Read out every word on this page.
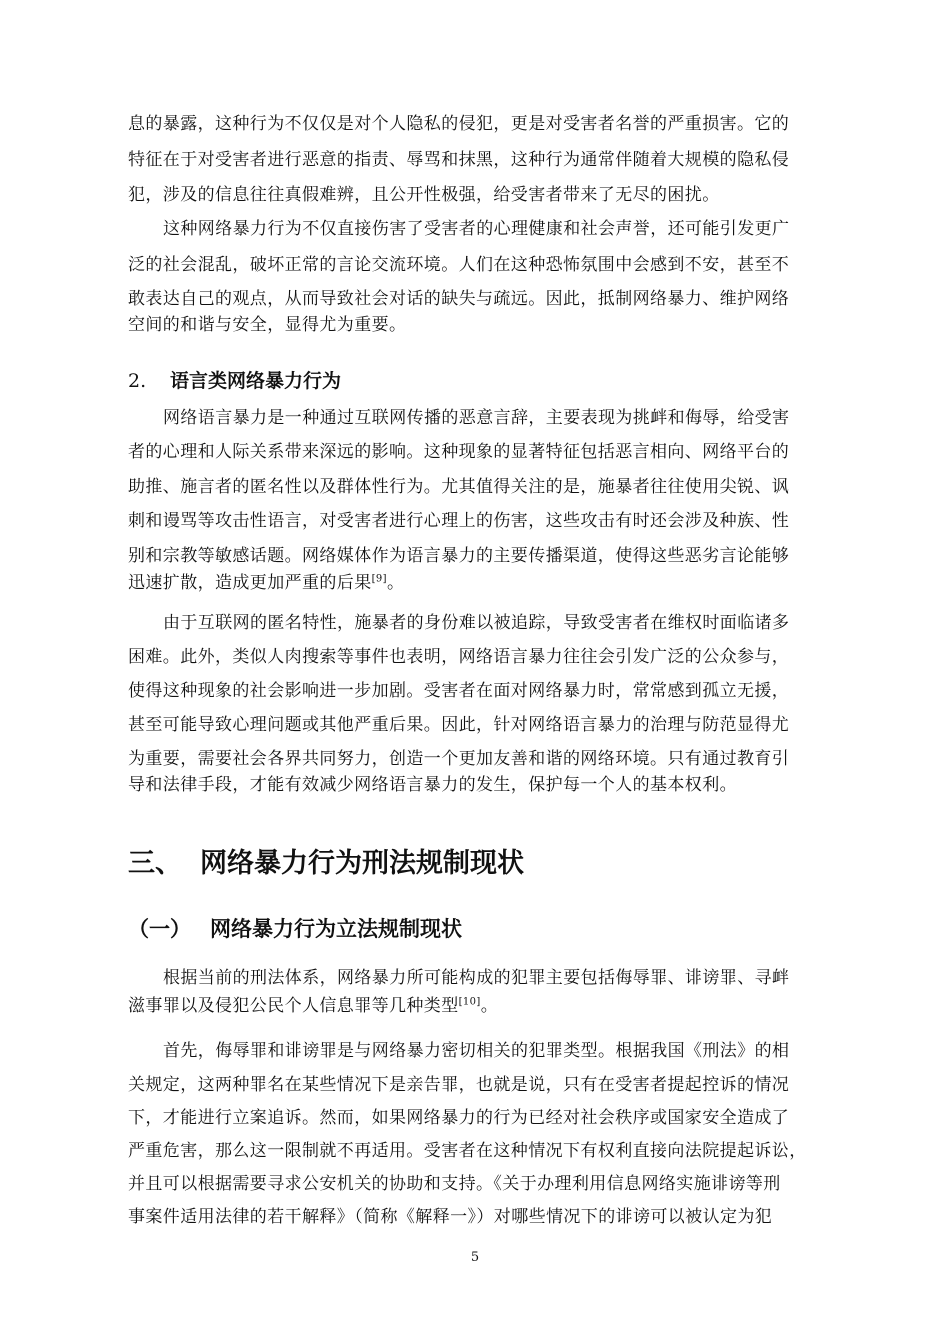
息的暴露，这种行为不仅仅是对个人隐私的侵犯，更是对受害者名誉的严重损害。它的
特征在于对受害者进行恶意的指责、辱骂和抹黑，这种行为通常伴随着大规模的隐私侵
犯，涉及的信息往往真假难辨，且公开性极强，给受害者带来了无尽的困扰。
这种网络暴力行为不仅直接伤害了受害者的心理健康和社会声誉，还可能引发更广
泛的社会混乱，破坏正常的言论交流环境。人们在这种恐怖氛围中会感到不安，甚至不
敢表达自己的观点，从而导致社会对话的缺失与疏远。因此，抵制网络暴力、维护网络
空间的和谐与安全，显得尤为重要。
2. 语言类网络暴力行为
网络语言暴力是一种通过互联网传播的恶意言辞，主要表现为挑衅和侮辱，给受害
者的心理和人际关系带来深远的影响。这种现象的显著特征包括恶言相向、网络平台的
助推、施言者的匿名性以及群体性行为。尤其值得关注的是，施暴者往往使用尖锐、讽
刺和谩骂等攻击性语言，对受害者进行心理上的伤害，这些攻击有时还会涉及种族、性
别和宗教等敏感话题。网络媒体作为语言暴力的主要传播渠道，使得这些恶劣言论能够
迅速扩散，造成更加严重的后果[9]。
由于互联网的匿名特性，施暴者的身份难以被追踪，导致受害者在维权时面临诸多
困难。此外，类似人肉搜索等事件也表明，网络语言暴力往往会引发广泛的公众参与，
使得这种现象的社会影响进一步加剧。受害者在面对网络暴力时，常常感到孤立无援，
甚至可能导致心理问题或其他严重后果。因此，针对网络语言暴力的治理与防范显得尤
为重要，需要社会各界共同努力，创造一个更加友善和谐的网络环境。只有通过教育引
导和法律手段，才能有效减少网络语言暴力的发生，保护每一个人的基本权利。
三、 网络暴力行为刑法规制现状
（一） 网络暴力行为立法规制现状
根据当前的刑法体系，网络暴力所可能构成的犯罪主要包括侮辱罪、诽谤罪、寻衅
滋事罪以及侵犯公民个人信息罪等几种类型[10]。
首先，侮辱罪和诽谤罪是与网络暴力密切相关的犯罪类型。根据我国《刑法》的相
关规定，这两种罪名在某些情况下是亲告罪，也就是说，只有在受害者提起控诉的情况
下，才能进行立案追诉。然而，如果网络暴力的行为已经对社会秩序或国家安全造成了
严重危害，那么这一限制就不再适用。受害者在这种情况下有权利直接向法院提起诉讼，
并且可以根据需要寻求公安机关的协助和支持。《关于办理利用信息网络实施诽谤等刑
事案件适用法律的若干解释》（简称《解释一》）对哪些情况下的诽谤可以被认定为犯
5
